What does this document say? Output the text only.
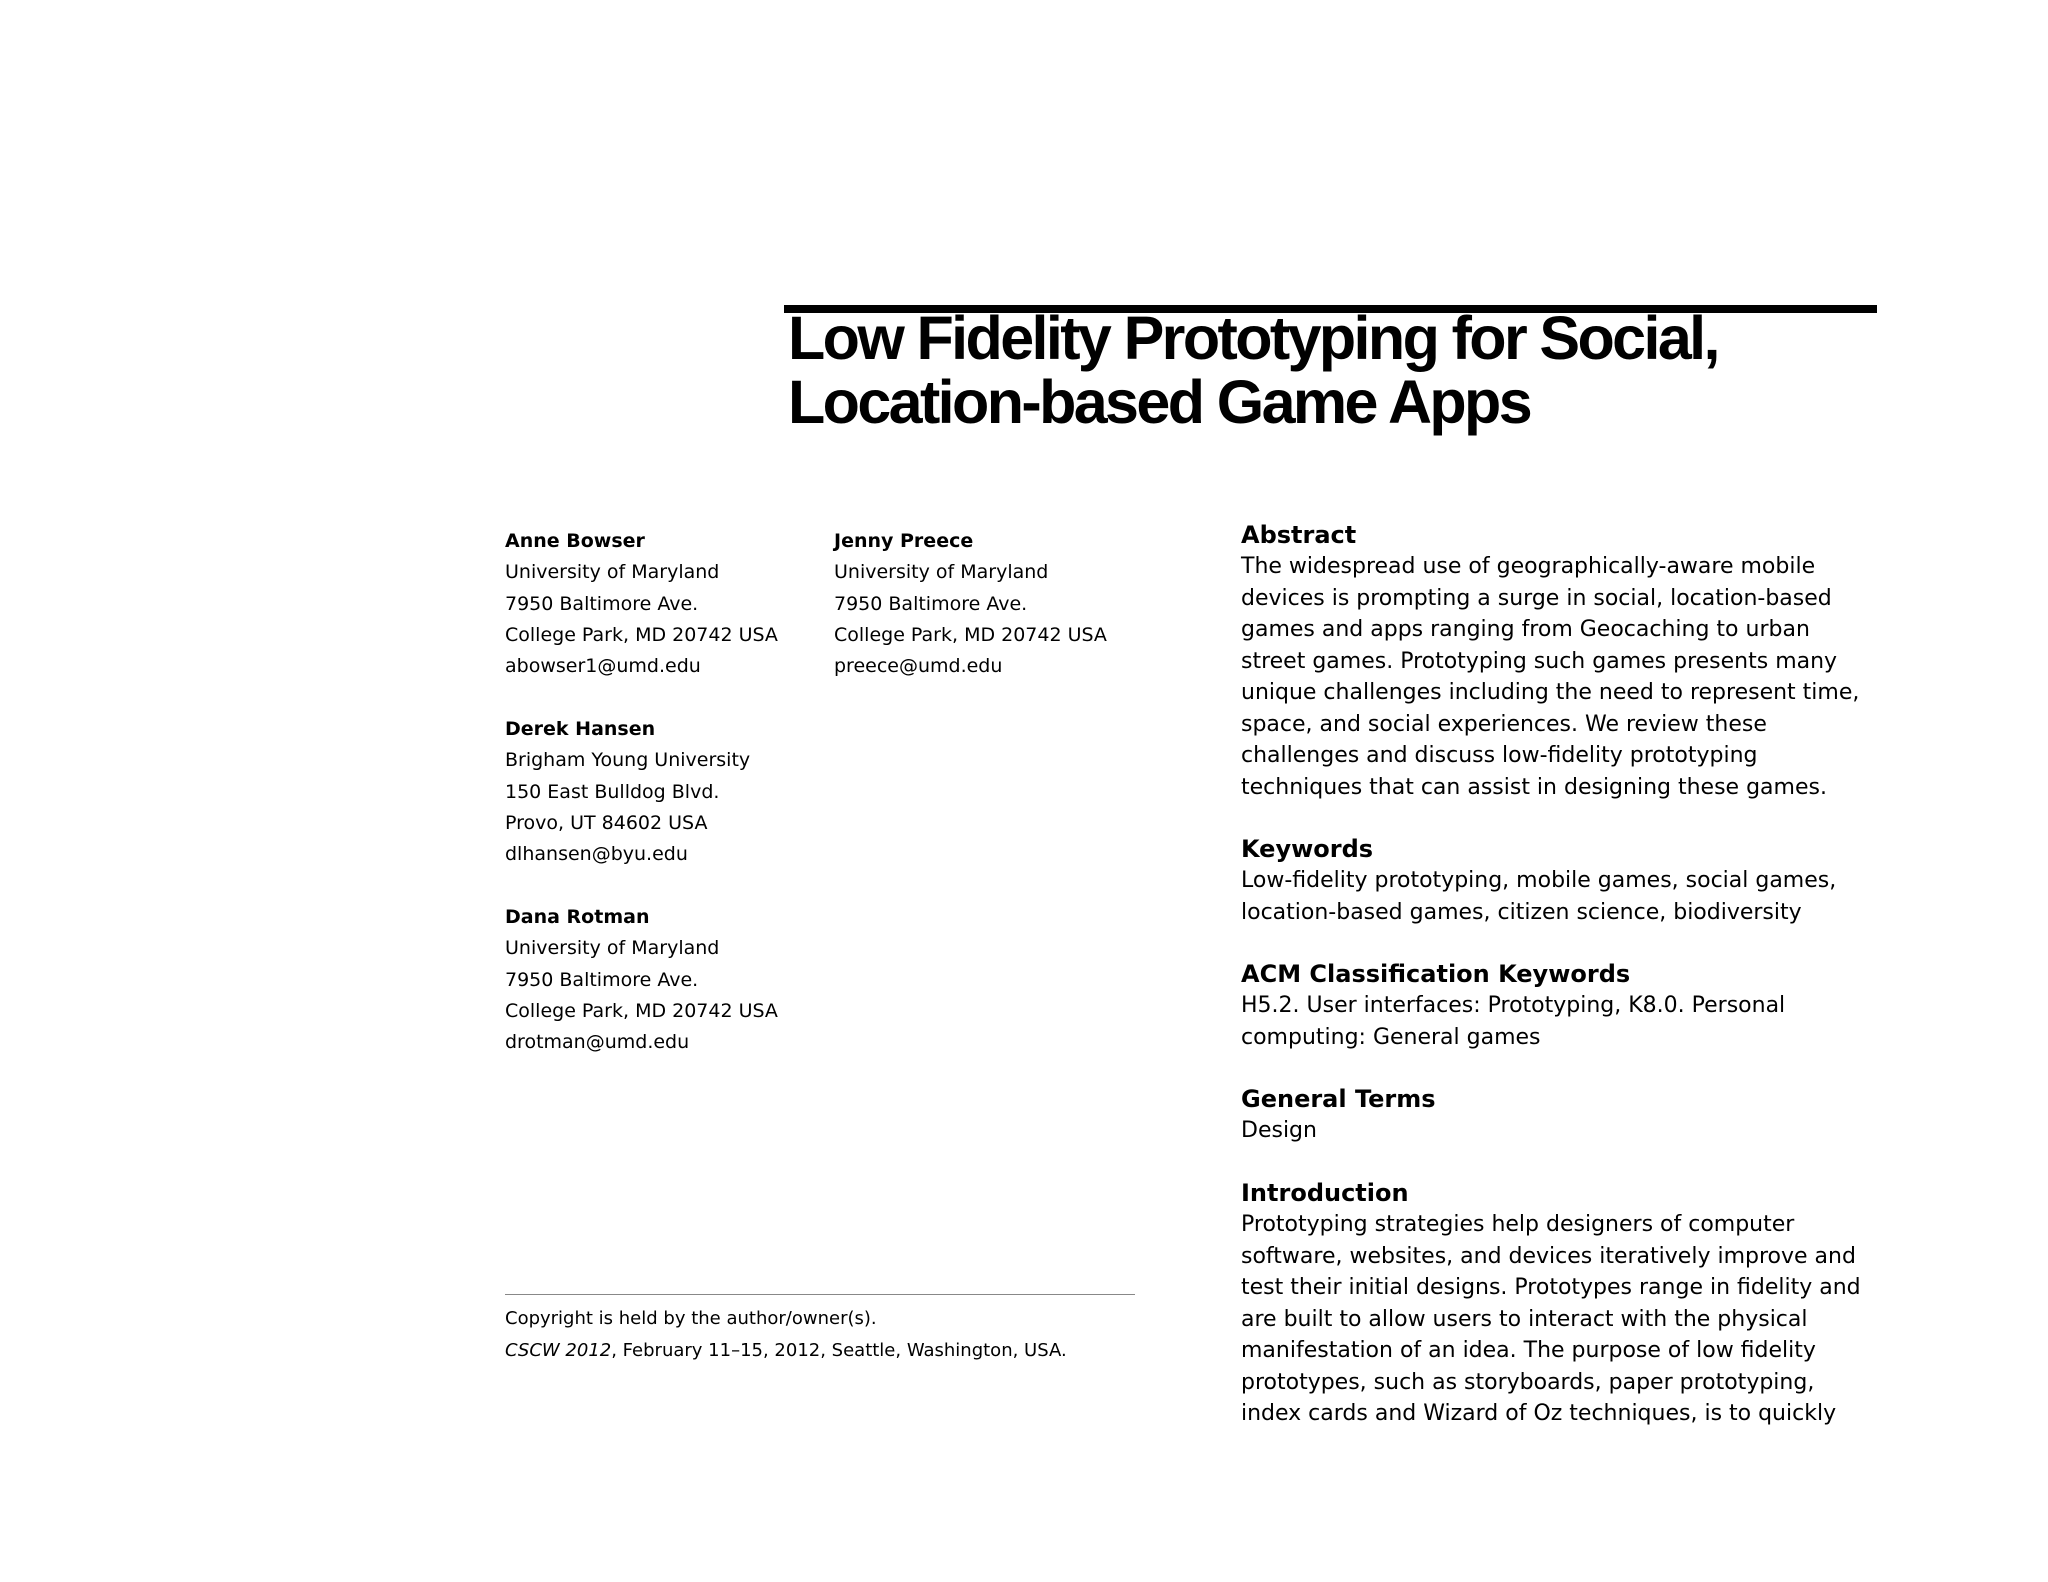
Low Fidelity Prototyping for Social,
Location-based Game Apps
Anne Bowser
University of Maryland
7950 Baltimore Ave.
College Park, MD 20742 USA
abowser1@umd.edu
Jenny Preece
University of Maryland
7950 Baltimore Ave.
College Park, MD 20742 USA
preece@umd.edu
Derek Hansen
Brigham Young University
150 East Bulldog Blvd.
Provo, UT 84602 USA
dlhansen@byu.edu
Dana Rotman
University of Maryland
7950 Baltimore Ave.
College Park, MD 20742 USA
drotman@umd.edu
Copyright is held by the author/owner(s).
CSCW 2012, February 11–15, 2012, Seattle, Washington, USA.
Abstract
The widespread use of geographically-aware mobile
devices is prompting a surge in social, location-based
games and apps ranging from Geocaching to urban
street games. Prototyping such games presents many
unique challenges including the need to represent time,
space, and social experiences. We review these
challenges and discuss low-fidelity prototyping
techniques that can assist in designing these games.
Keywords
Low-fidelity prototyping, mobile games, social games,
location-based games, citizen science, biodiversity
ACM Classification Keywords
H5.2. User interfaces: Prototyping, K8.0. Personal
computing: General games
General Terms
Design
Introduction
Prototyping strategies help designers of computer
software, websites, and devices iteratively improve and
test their initial designs. Prototypes range in fidelity and
are built to allow users to interact with the physical
manifestation of an idea. The purpose of low fidelity
prototypes, such as storyboards, paper prototyping,
index cards and Wizard of Oz techniques, is to quickly
